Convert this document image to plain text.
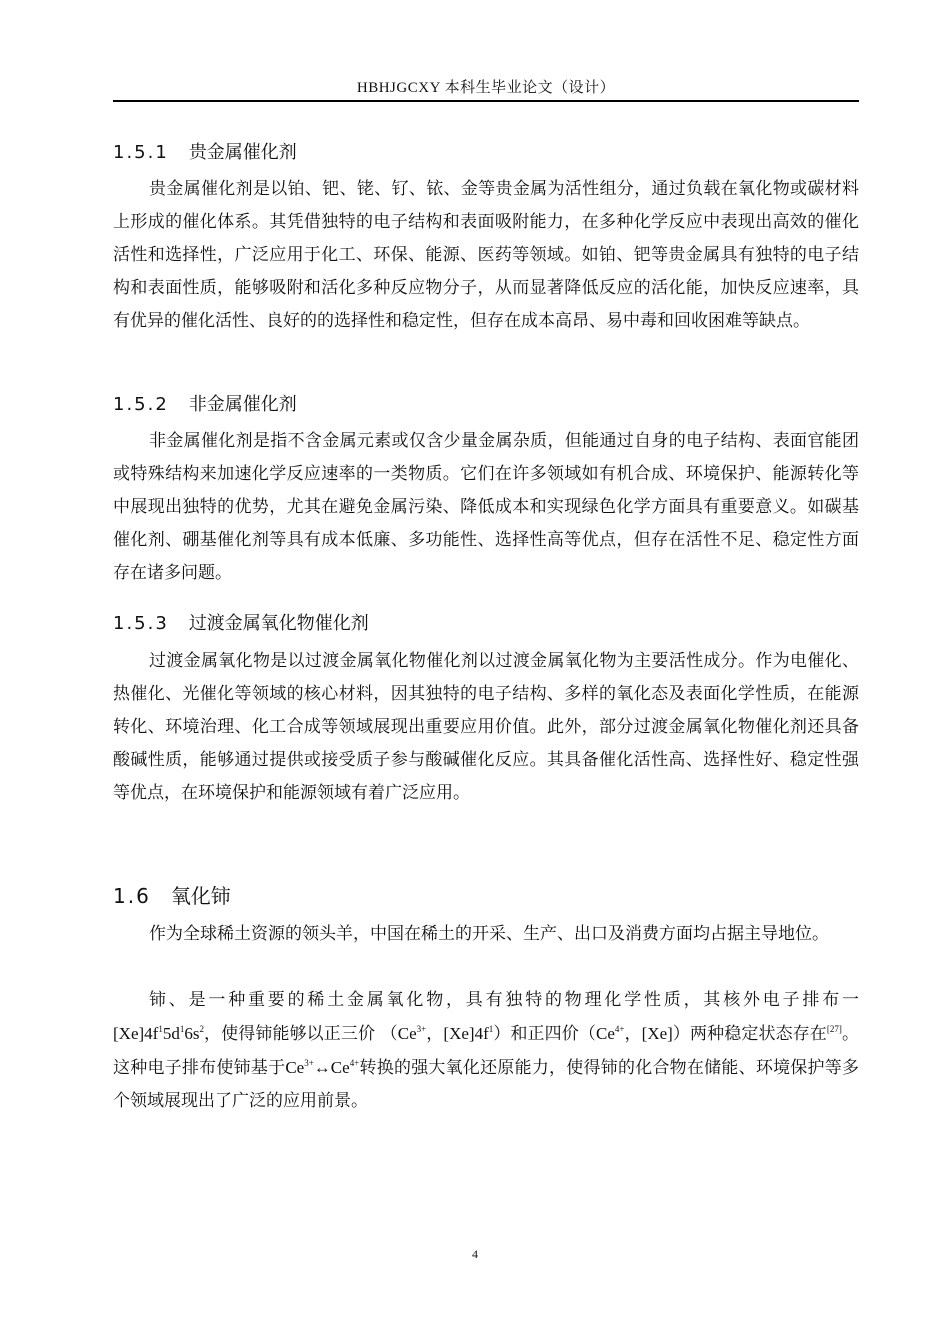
HBHJGCXY 本科生毕业论文（设计）
1.5.1 贵金属催化剂

贵金属催化剂是以铂、钯、铑、钌、铱、金等贵金属为活性组分，通过负载在氧化物或碳材料上形成的催化体系。其凭借独特的电子结构和表面吸附能力，在多种化学反应中表现出高效的催化活性和选择性，广泛应用于化工、环保、能源、医药等领域。如铂、钯等贵金属具有独特的电子结构和表面性质，能够吸附和活化多种反应物分子，从而显著降低反应的活化能，加快反应速率，具有优异的催化活性、良好的的选择性和稳定性，但存在成本高昂、易中毒和回收困难等缺点。

1.5.2 非金属催化剂

非金属催化剂是指不含金属元素或仅含少量金属杂质，但能通过自身的电子结构、表面官能团或特殊结构来加速化学反应速率的一类物质。它们在许多领域如有机合成、环境保护、能源转化等中展现出独特的优势，尤其在避免金属污染、降低成本和实现绿色化学方面具有重要意义。如碳基催化剂、硼基催化剂等具有成本低廉、多功能性、选择性高等优点，但存在活性不足、稳定性方面存在诸多问题。

1.5.3 过渡金属氧化物催化剂

过渡金属氧化物是以过渡金属氧化物催化剂以过渡金属氧化物为主要活性成分。作为电催化、热催化、光催化等领域的核心材料，因其独特的电子结构、多样的氧化态及表面化学性质，在能源转化、环境治理、化工合成等领域展现出重要应用价值。此外，部分过渡金属氧化物催化剂还具备酸碱性质，能够通过提供或接受质子参与酸碱催化反应。其具备催化活性高、选择性好、稳定性强等优点，在环境保护和能源领域有着广泛应用。

1.6 氧化铈

作为全球稀土资源的领头羊，中国在稀土的开采、生产、出口及消费方面均占据主导地位。

铈、是一种重要的稀土金属氧化物，具有独特的物理化学性质，其核外电子排布一$[Xe]4f^15d^16s^2$，使得铈能够以正三价 （$Ce^{3+}$，$[Xe]4f^1$）和正四价（$Ce^{4+}$，[Xe]）两种稳定状态存在[27]。这种电子排布使铈基于$Ce^{3+}\leftrightarrow Ce^{4+}$转换的强大氧化还原能力，使得铈的化合物在储能、环境保护等多个领域展现出了广泛的应用前景。

4
